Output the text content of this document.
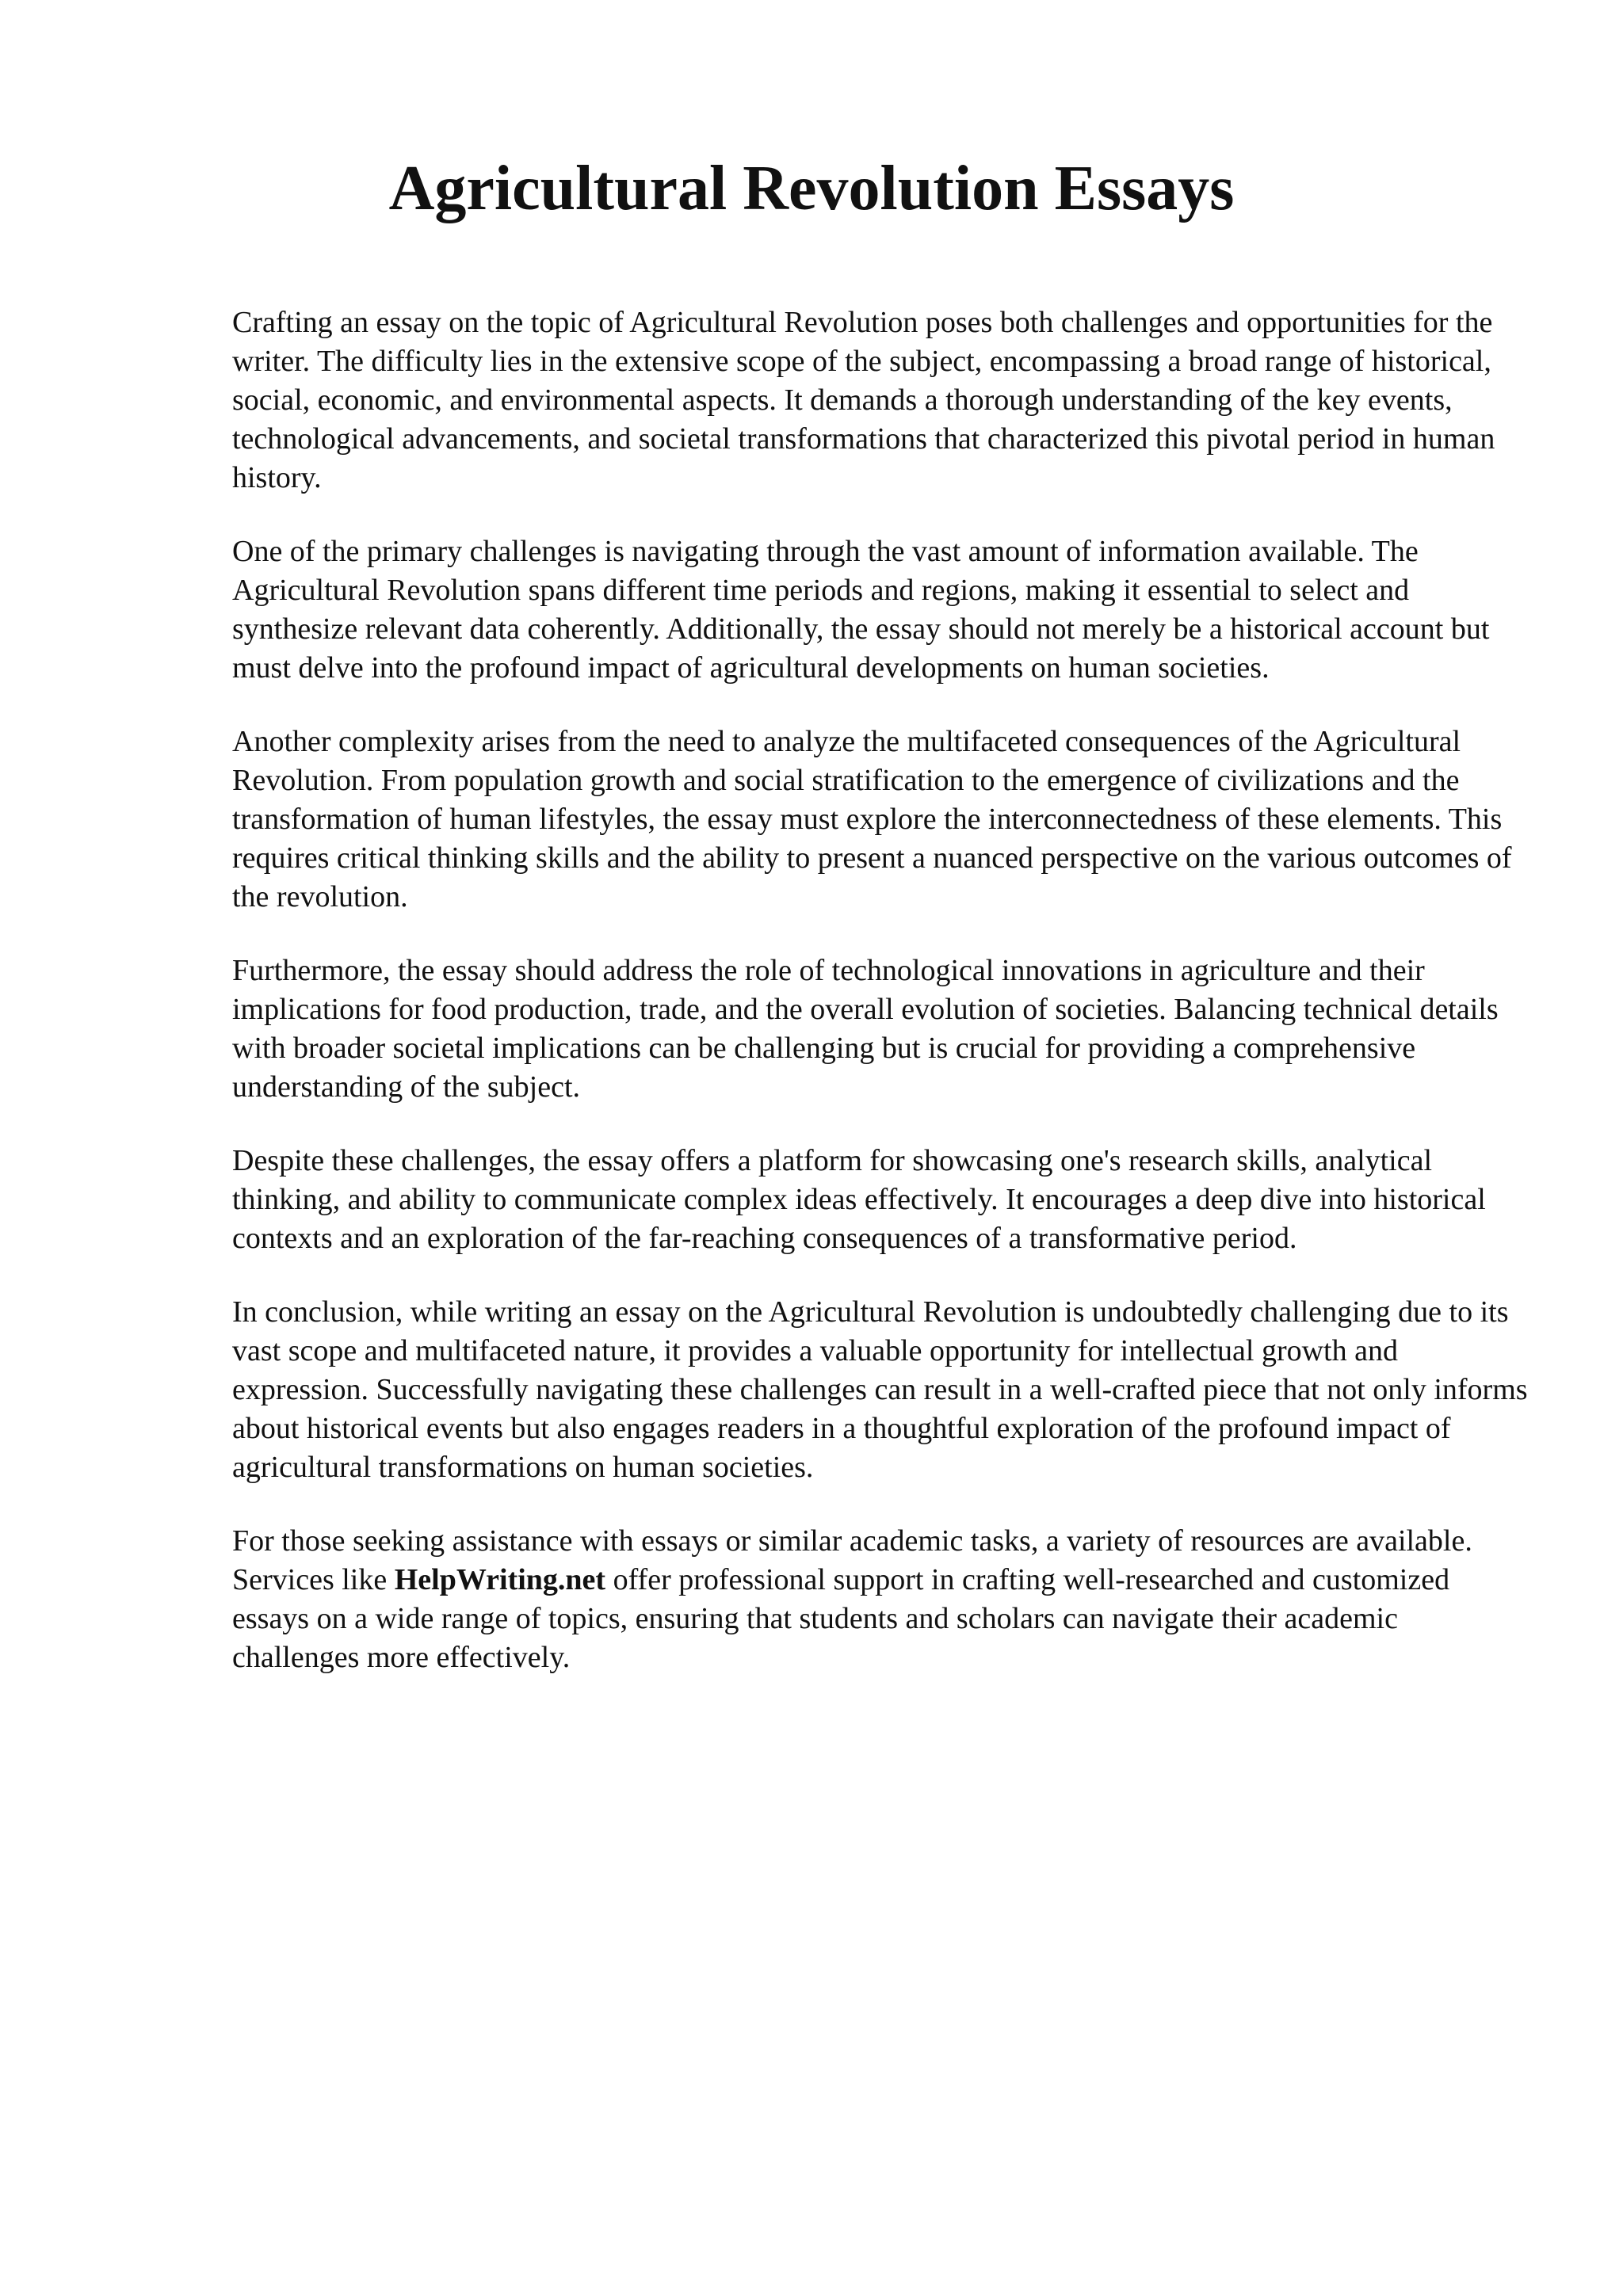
Agricultural Revolution Essays

Crafting an essay on the topic of Agricultural Revolution poses both challenges and opportunities for the writer. The difficulty lies in the extensive scope of the subject, encompassing a broad range of historical, social, economic, and environmental aspects. It demands a thorough understanding of the key events, technological advancements, and societal transformations that characterized this pivotal period in human history.

One of the primary challenges is navigating through the vast amount of information available. The Agricultural Revolution spans different time periods and regions, making it essential to select and synthesize relevant data coherently. Additionally, the essay should not merely be a historical account but must delve into the profound impact of agricultural developments on human societies.

Another complexity arises from the need to analyze the multifaceted consequences of the Agricultural Revolution. From population growth and social stratification to the emergence of civilizations and the transformation of human lifestyles, the essay must explore the interconnectedness of these elements. This requires critical thinking skills and the ability to present a nuanced perspective on the various outcomes of the revolution.

Furthermore, the essay should address the role of technological innovations in agriculture and their implications for food production, trade, and the overall evolution of societies. Balancing technical details with broader societal implications can be challenging but is crucial for providing a comprehensive understanding of the subject.

Despite these challenges, the essay offers a platform for showcasing one's research skills, analytical thinking, and ability to communicate complex ideas effectively. It encourages a deep dive into historical contexts and an exploration of the far-reaching consequences of a transformative period.

In conclusion, while writing an essay on the Agricultural Revolution is undoubtedly challenging due to its vast scope and multifaceted nature, it provides a valuable opportunity for intellectual growth and expression. Successfully navigating these challenges can result in a well-crafted piece that not only informs about historical events but also engages readers in a thoughtful exploration of the profound impact of agricultural transformations on human societies.

For those seeking assistance with essays or similar academic tasks, a variety of resources are available. Services like HelpWriting.net offer professional support in crafting well-researched and customized essays on a wide range of topics, ensuring that students and scholars can navigate their academic challenges more effectively.
